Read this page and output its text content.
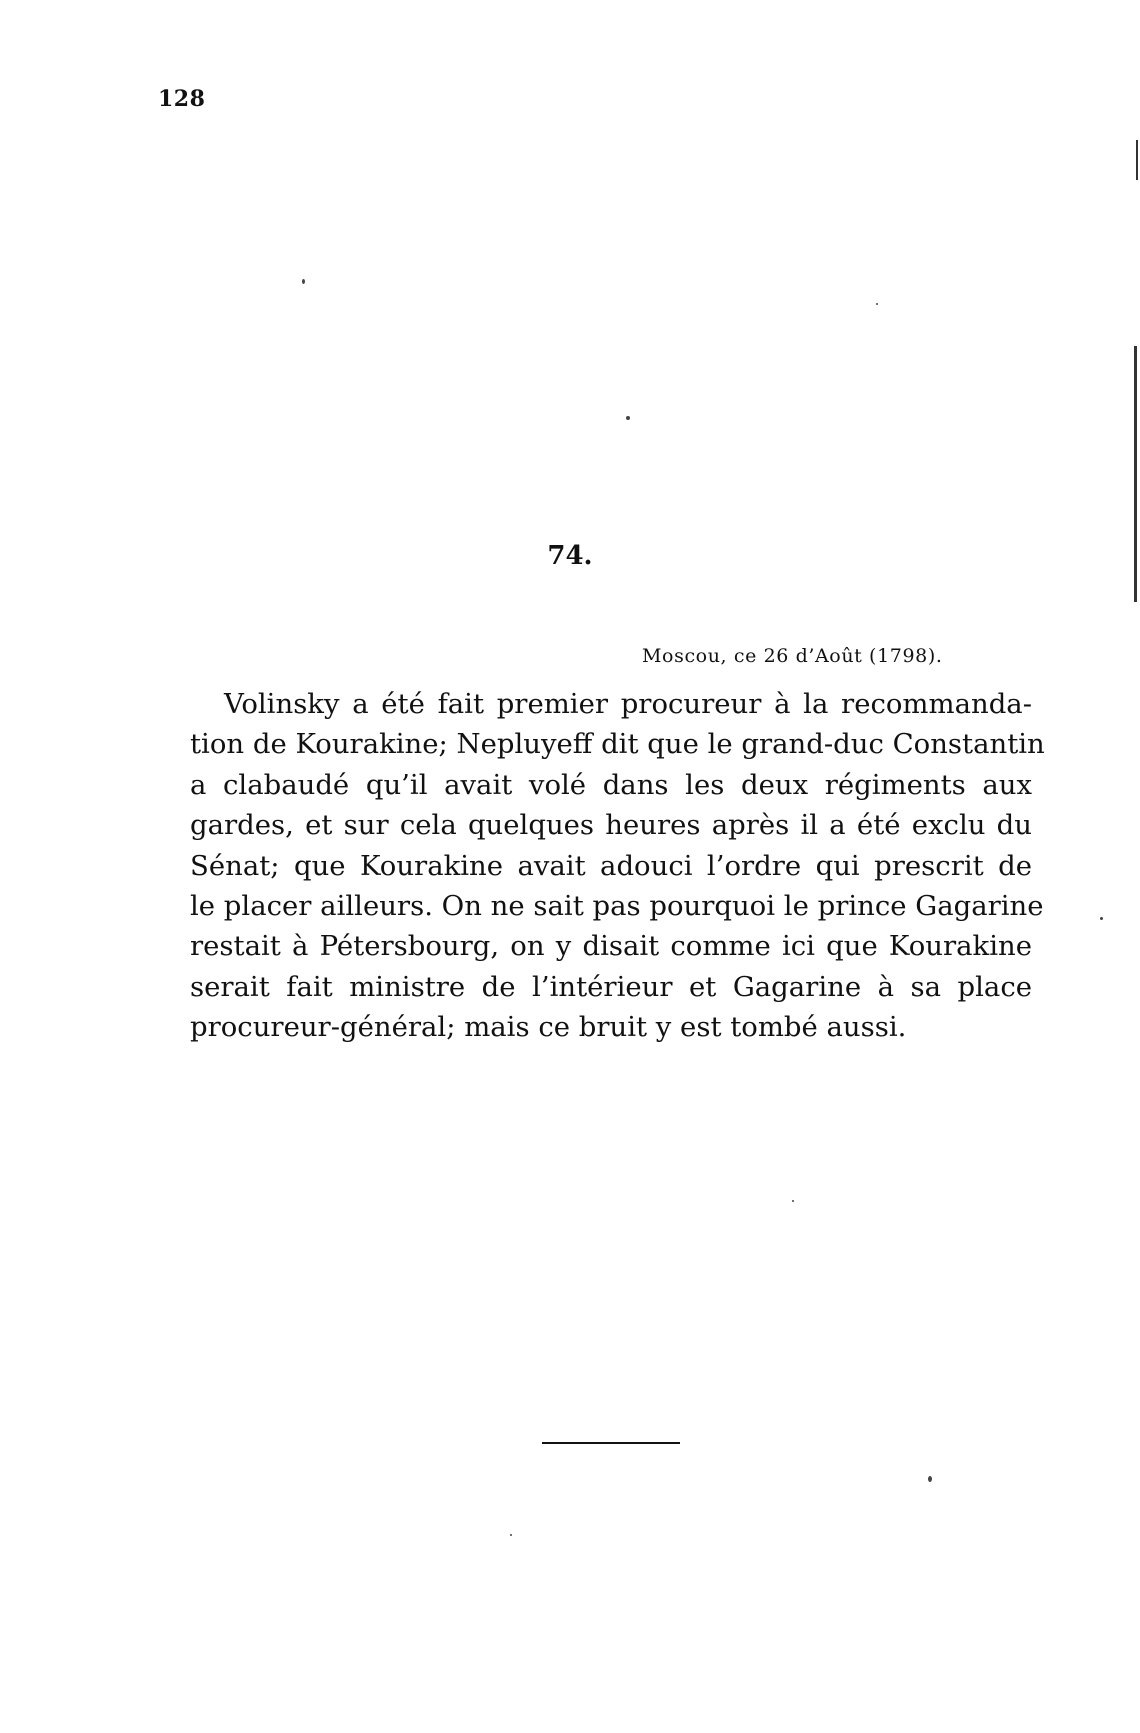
128
74.
Moscou, ce 26 d’Août (1798).
Volinsky a été fait premier procureur à la recommanda-
tion de Kourakine; Nepluyeff dit que le grand-duc Constantin
a clabaudé qu’il avait volé dans les deux régiments aux
gardes, et sur cela quelques heures après il a été exclu du
Sénat; que Kourakine avait adouci l’ordre qui prescrit de
le placer ailleurs. On ne sait pas pourquoi le prince Gagarine
restait à Pétersbourg, on y disait comme ici que Kourakine
serait fait ministre de l’intérieur et Gagarine à sa place
procureur-général; mais ce bruit y est tombé aussi.
